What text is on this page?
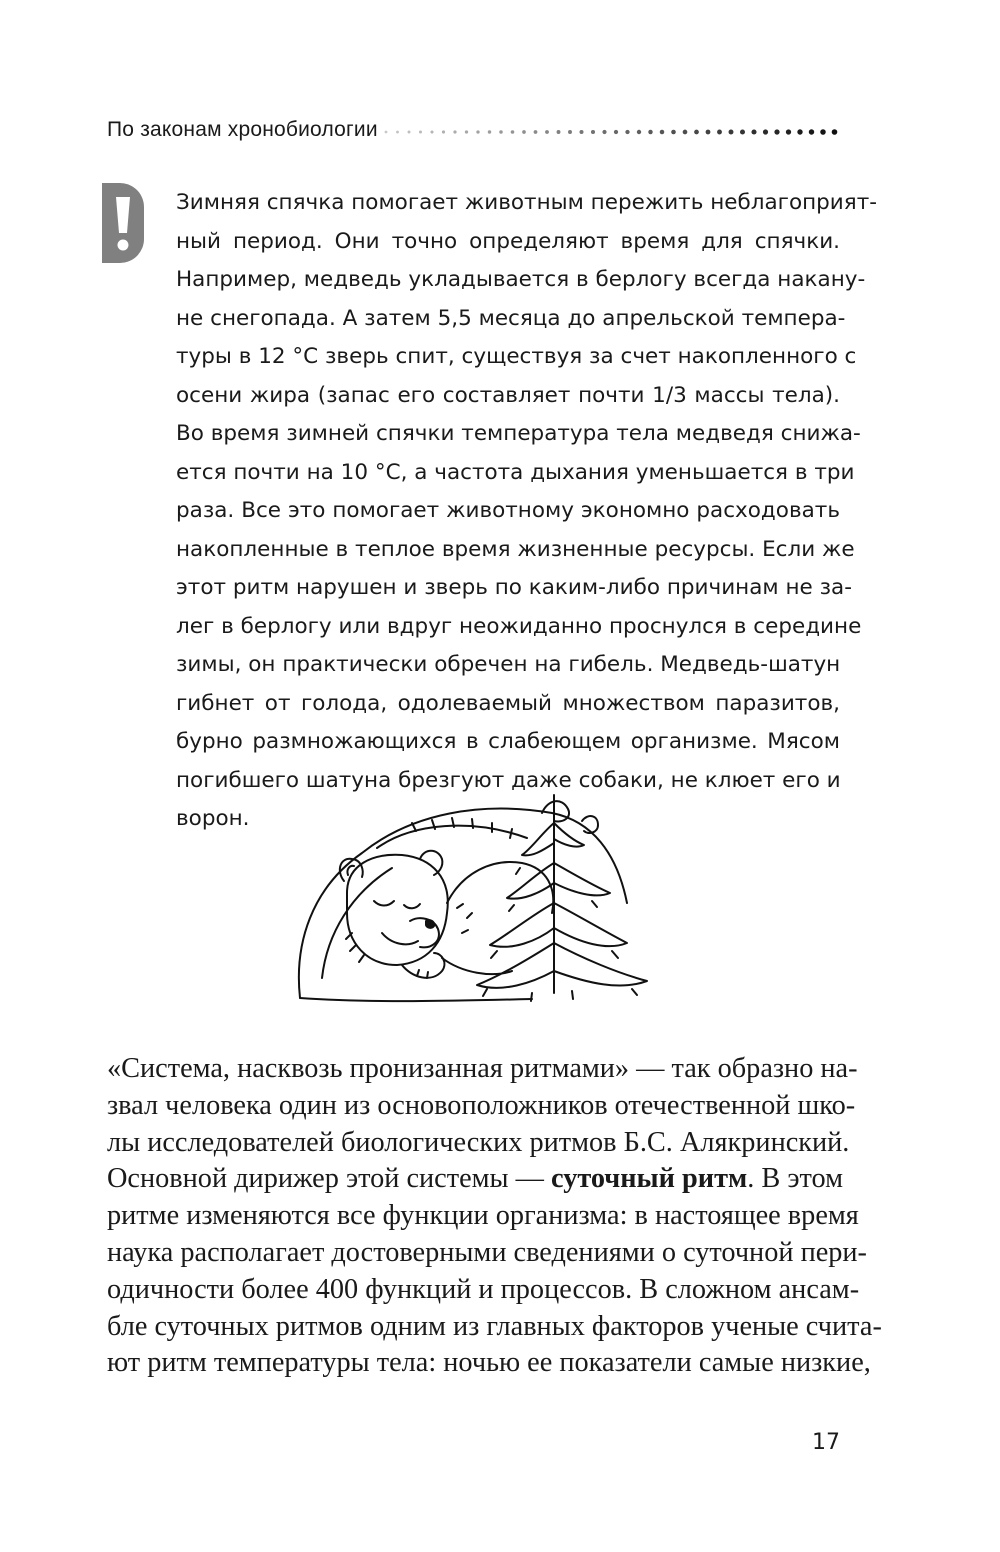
По законам хронобиологии
Зимняя спячка помогает животным пережить неблагоприят-
ный период. Они точно определяют время для спячки.
Например, медведь укладывается в берлогу всегда накану-
не снегопада. А затем 5,5 месяца до апрельской темпера-
туры в 12 °С зверь спит, существуя за счет накопленного с
осени жира (запас его составляет почти 1/3 массы тела).
Во время зимней спячки температура тела медведя снижа-
ется почти на 10 °С, а частота дыхания уменьшается в три
раза. Все это помогает животному экономно расходовать
накопленные в теплое время жизненные ресурсы. Если же
этот ритм нарушен и зверь по каким-либо причинам не за-
лег в берлогу или вдруг неожиданно проснулся в середине
зимы, он практически обречен на гибель. Медведь-шатун
гибнет от голода, одолеваемый множеством паразитов,
бурно размножающихся в слабеющем организме. Мясом
погибшего шатуна брезгуют даже собаки, не клюет его и
ворон.
«Система, насквозь пронизанная ритмами» — так образно на-
звал человека один из основоположников отечественной шко-
лы исследователей биологических ритмов Б.С. Алякринский.
Основной дирижер этой системы — суточный ритм. В этом
ритме изменяются все функции организма: в настоящее время
наука располагает достоверными сведениями о суточной пери-
одичности более 400 функций и процессов. В сложном ансам-
бле суточных ритмов одним из главных факторов ученые счита-
ют ритм температуры тела: ночью ее показатели самые низкие,
17
